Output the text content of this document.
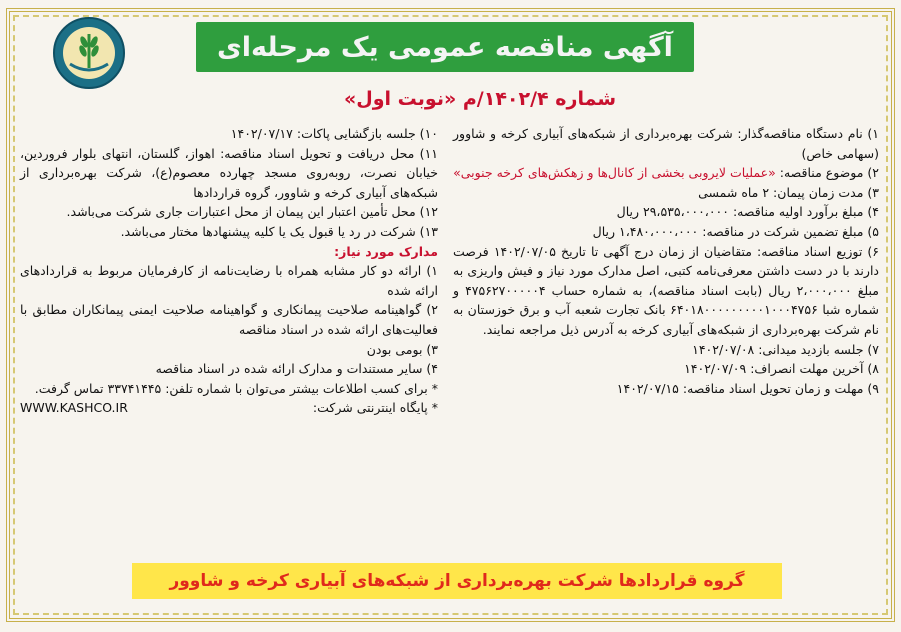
آگهی مناقصه عمومی یک مرحله‌ای
شماره ۱۴۰۲/۴/م «نوبت اول»

۱) نام دستگاه مناقصه‌گذار: شرکت بهره‌برداری از شبکه‌های آبیاری کرخه و شاوور (سهامی خاص)

۲) موضوع مناقصه: «عملیات لایروبی بخشی از کانال‌ها و زهکش‌های کرخه جنوبی»

۳) مدت زمان پیمان: ۲ ماه شمسی

۴) مبلغ برآورد اولیه مناقصه: ۲۹،۵۳۵،۰۰۰،۰۰۰ ریال

۵) مبلغ تضمین شرکت در مناقصه: ۱،۴۸۰،۰۰۰،۰۰۰ ریال

۶) توزیع اسناد مناقصه: متقاضیان از زمان درج آگهی تا تاریخ ۱۴۰۲/۰۷/۰۵ فرصت دارند با در دست داشتن معرفی‌نامه کتبی، اصل مدارک مورد نیاز و فیش واریزی به مبلغ ۲،۰۰۰،۰۰۰ ریال (بابت اسناد مناقصه)، به شماره حساب ۴۷۵۶۲۷۰۰۰۰۰۴ و شماره شبا ۶۴۰۱۸۰۰۰۰۰۰۰۰۰۱۰۰۰۴۷۵۶ بانک تجارت شعبه آب و برق خوزستان به نام شرکت بهره‌برداری از شبکه‌های آبیاری کرخه به آدرس ذیل مراجعه نمایند.

۷) جلسه بازدید میدانی: ۱۴۰۲/۰۷/۰۸

۸) آخرین مهلت انصراف: ۱۴۰۲/۰۷/۰۹

۹) مهلت و زمان تحویل اسناد مناقصه: ۱۴۰۲/۰۷/۱۵

۱۰) جلسه بازگشایی پاکات: ۱۴۰۲/۰۷/۱۷

۱۱) محل دریافت و تحویل اسناد مناقصه: اهواز، گلستان، انتهای بلوار فروردین، خیابان نصرت، روبه‌روی مسجد چهارده معصوم(ع)، شرکت بهره‌برداری از شبکه‌های آبیاری کرخه و شاوور، گروه قراردادها

۱۲) محل تأمین اعتبار این پیمان از محل اعتبارات جاری شرکت می‌باشد.

۱۳) شرکت در رد یا قبول یک یا کلیه پیشنهادها مختار می‌باشد.

مدارک مورد نیاز:

۱) ارائه دو کار مشابه همراه با رضایت‌نامه از کارفرمایان مربوط به قراردادهای ارائه شده

۲) گواهینامه صلاحیت پیمانکاری و گواهینامه صلاحیت ایمنی پیمانکاران مطابق با فعالیت‌های ارائه شده در اسناد مناقصه

۳) بومی بودن

۴) سایر مستندات و مدارک ارائه شده در اسناد مناقصه

* برای کسب اطلاعات بیشتر می‌توان با شماره تلفن: ۳۳۷۴۱۴۴۵ تماس گرفت.

* پایگاه اینترنتی شرکت:
WWW.KASHCO.IR

گروه قراردادها شرکت بهره‌برداری از شبکه‌های آبیاری کرخه و شاوور
